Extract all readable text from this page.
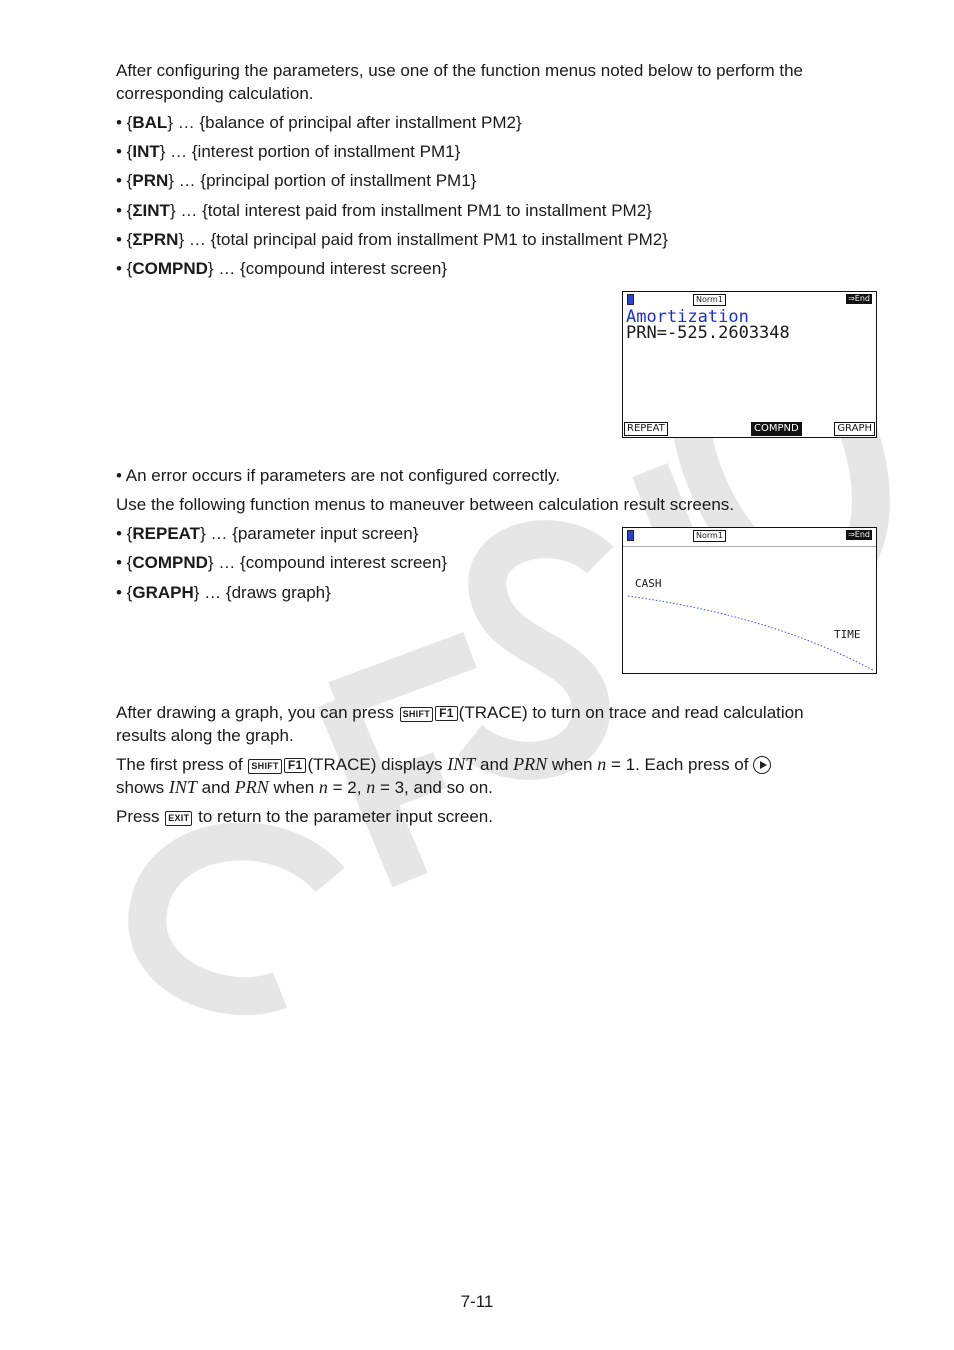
After configuring the parameters, use one of the function menus noted below to perform the
corresponding calculation.
• {BAL} … {balance of principal after installment PM2}
• {INT} … {interest portion of installment PM1}
• {PRN} … {principal portion of installment PM1}
• {ΣINT} … {total interest paid from installment PM1 to installment PM2}
• {ΣPRN} … {total principal paid from installment PM1 to installment PM2}
• {COMPND} … {compound interest screen}
Norm1	⇒End
Amortization
PRN=-525.2603348
REPEAT	COMPND	GRAPH
• An error occurs if parameters are not configured correctly.
Use the following function menus to maneuver between calculation result screens.
• {REPEAT} … {parameter input screen}
• {COMPND} … {compound interest screen}
• {GRAPH} … {draws graph}
Norm1	⇒End
CASH
TIME
After drawing a graph, you can press SHIFT F1 (TRACE) to turn on trace and read calculation
results along the graph.
The first press of SHIFT F1 (TRACE) displays INT and PRN when n = 1. Each press of
shows INT and PRN when n = 2, n = 3, and so on.
Press EXIT to return to the parameter input screen.
7-11
